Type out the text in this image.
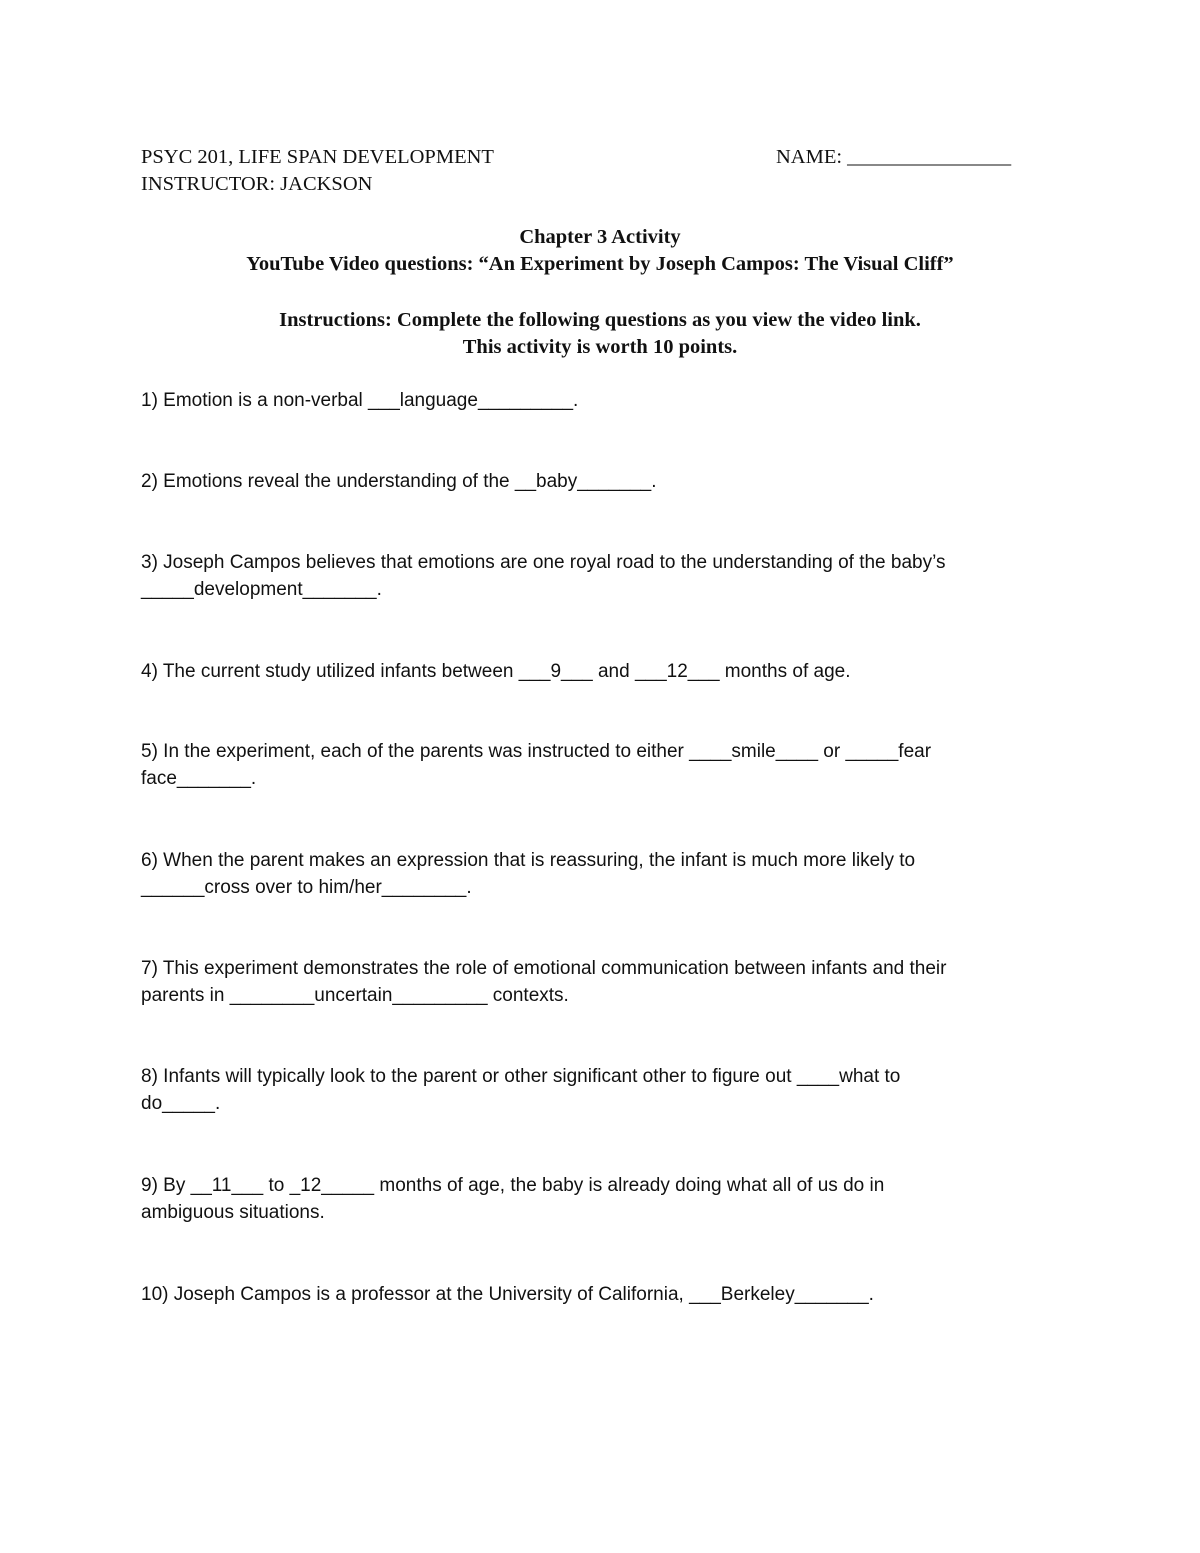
PSYC 201, LIFE SPAN DEVELOPMENT
INSTRUCTOR: JACKSON
NAME: ________________
Chapter 3 Activity
YouTube Video questions: “An Experiment by Joseph Campos: The Visual Cliff”
Instructions: Complete the following questions as you view the video link.
This activity is worth 10 points.
1) Emotion is a non-verbal ___language_________.
2) Emotions reveal the understanding of the __baby_______.
3) Joseph Campos believes that emotions are one royal road to the understanding of the baby’s
_____development_______.
4) The current study utilized infants between ___9___ and ___12___ months of age.
5) In the experiment, each of the parents was instructed to either ____smile____ or _____fear
face_______.
6) When the parent makes an expression that is reassuring, the infant is much more likely to
______cross over to him/her________.
7) This experiment demonstrates the role of emotional communication between infants and their
parents in ________uncertain_________ contexts.
8) Infants will typically look to the parent or other significant other to figure out ____what to
do_____.
9) By __11___ to _12_____ months of age, the baby is already doing what all of us do in
ambiguous situations.
10) Joseph Campos is a professor at the University of California, ___Berkeley_______.
